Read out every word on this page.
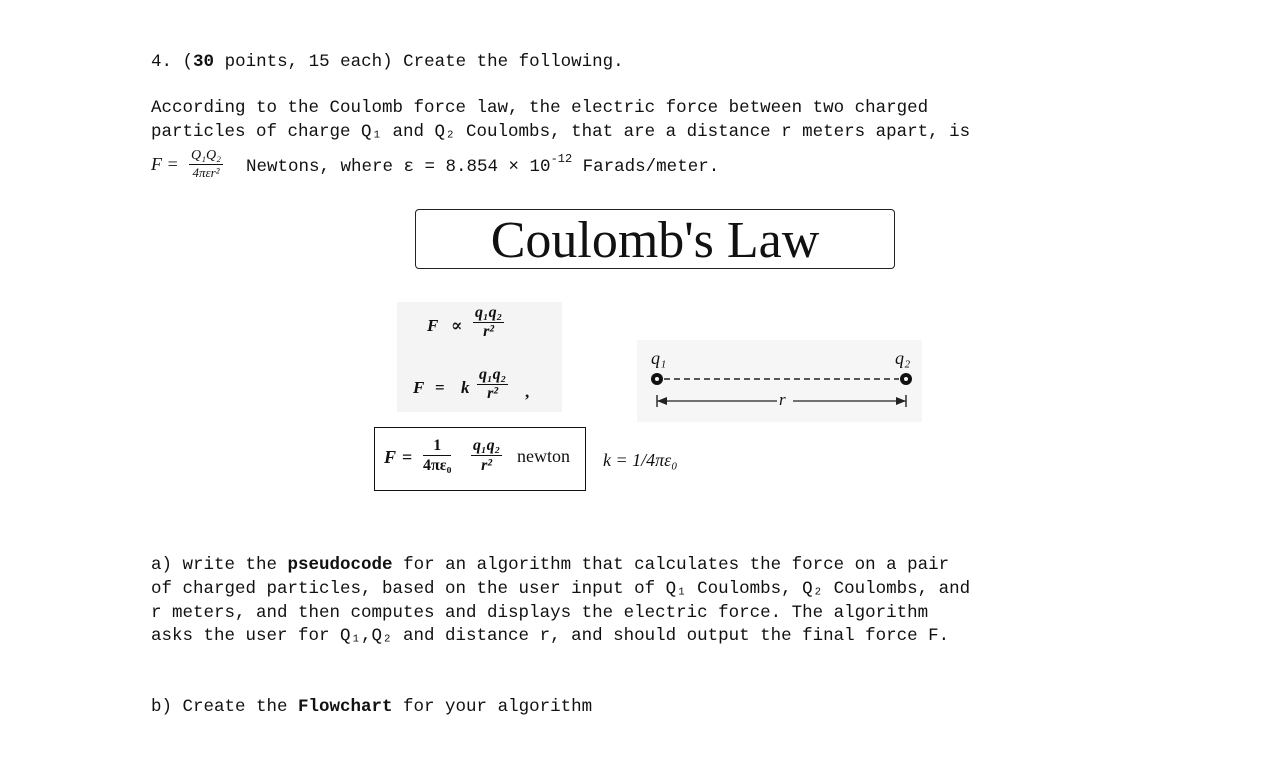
4. (30 points, 15 each) Create the following.
According to the Coulomb force law, the electric force between two charged
particles of charge Q₁ and Q₂ Coulombs, that are a distance r meters apart, is
F = Q₁Q₂
4πεr² Newtons, where $\varepsilon = 8.854 \times 10^{-12}$ Farads/meter.
Coulomb's Law
$F \propto \frac{\text{q₁q₂}}{\text{r²}}$
F = k $\frac{\text{q₁q₂}}{\text{r²}}$ ,
q₁	q₂
r
$F = \frac{1}{\text{4πε₀}} \frac{\text{q₁q₂}}{\text{r²}}$ newton k = 1/4πε₀
a) write the pseudocode for an algorithm that calculates the force on a pair
of charged particles, based on the user input of Q₁ Coulombs, Q₂ Coulombs, and
r meters, and then computes and displays the electric force. The algorithm
asks the user for Q₁,Q₂ and distance r, and should output the final force F.
b) Create the Flowchart for your algorithm
